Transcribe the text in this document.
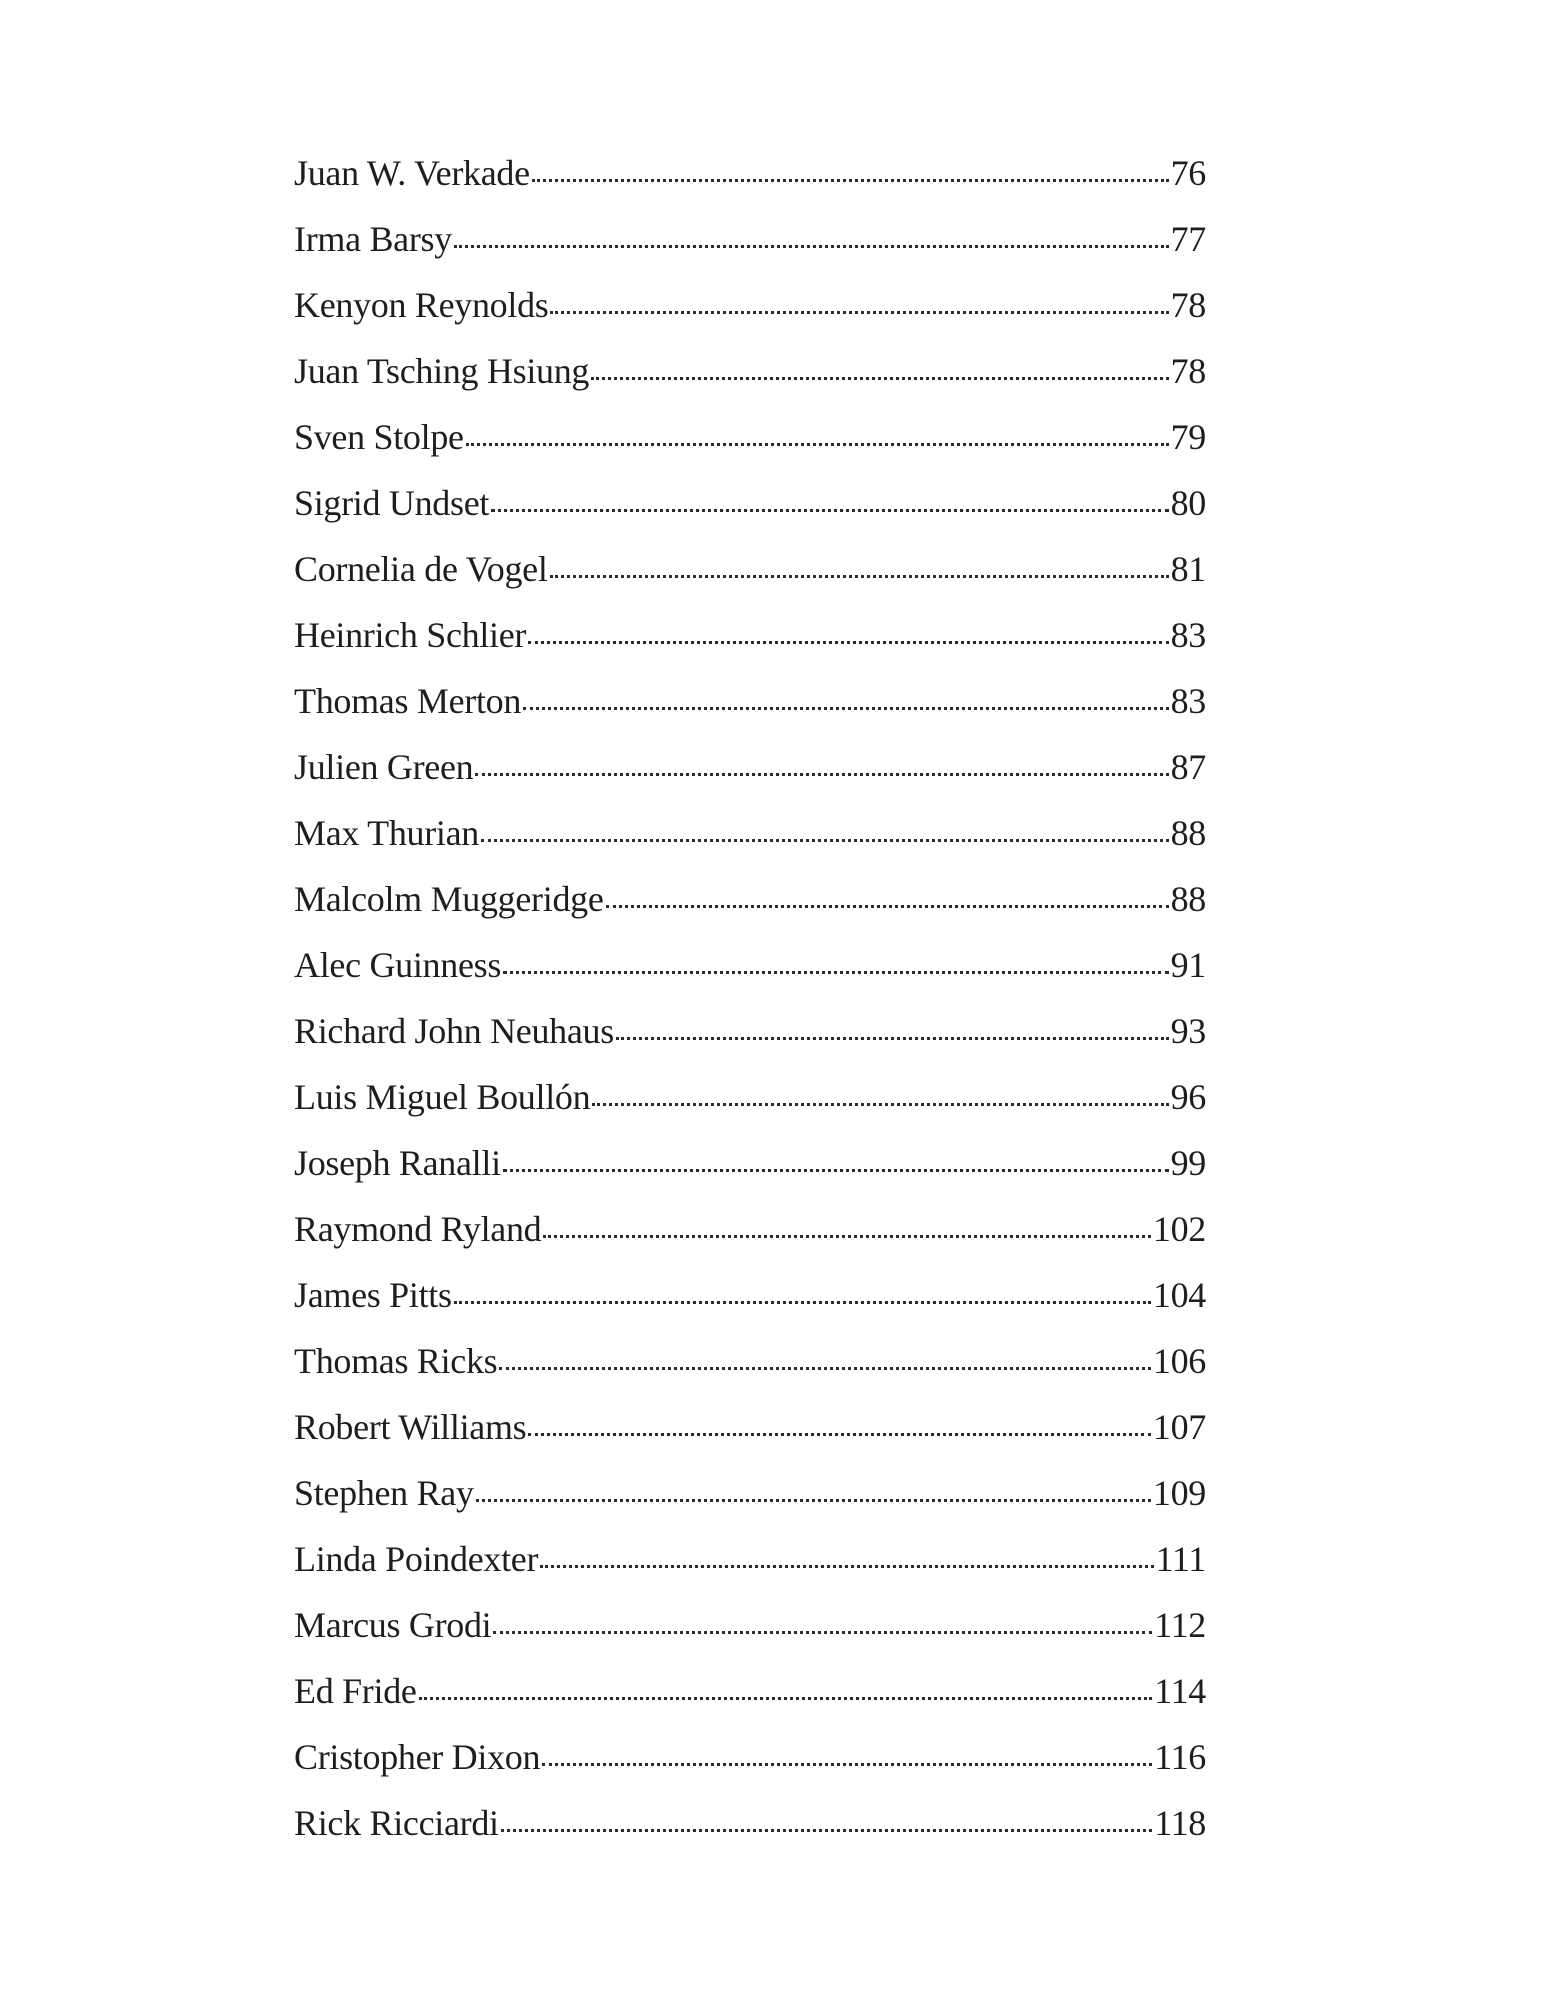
Juan W. Verkade	76
Irma Barsy	77
Kenyon Reynolds	78
Juan Tsching Hsiung	78
Sven Stolpe	79
Sigrid Undset	80
Cornelia de Vogel	81
Heinrich Schlier	83
Thomas Merton	83
Julien Green	87
Max Thurian	88
Malcolm Muggeridge	88
Alec Guinness	91
Richard John Neuhaus	93
Luis Miguel Boullón	96
Joseph Ranalli	99
Raymond Ryland	102
James Pitts	104
Thomas Ricks	106
Robert Williams	107
Stephen Ray	109
Linda Poindexter	111
Marcus Grodi	112
Ed Fride	114
Cristopher Dixon	116
Rick Ricciardi	118
